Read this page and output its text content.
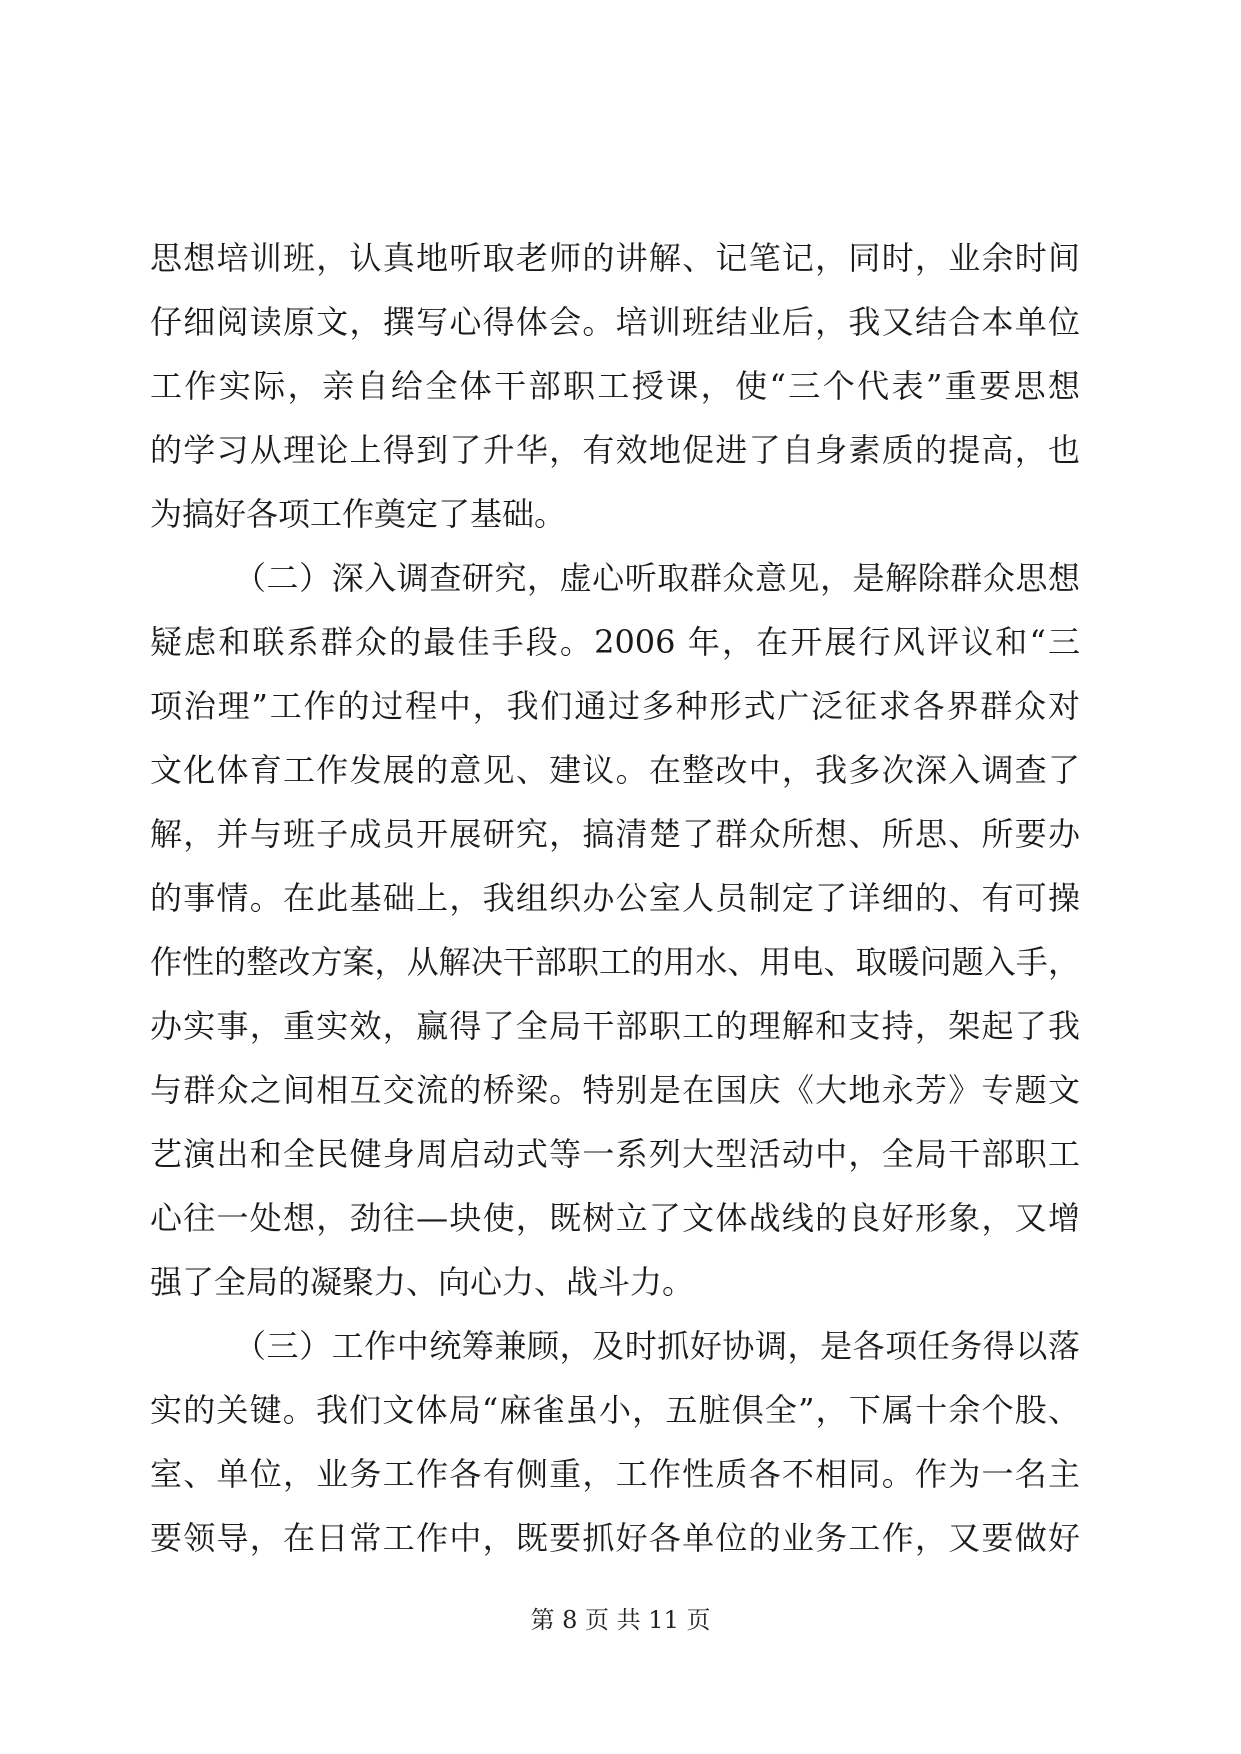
思想培训班，认真地听取老师的讲解、记笔记，同时，业余时间
仔细阅读原文，撰写心得体会。培训班结业后，我又结合本单位
工作实际，亲自给全体干部职工授课，使“三个代表”重要思想
的学习从理论上得到了升华，有效地促进了自身素质的提高，也
为搞好各项工作奠定了基础。
（二）深入调查研究，虚心听取群众意见，是解除群众思想
疑虑和联系群众的最佳手段。2006 年，在开展行风评议和“三
项治理”工作的过程中，我们通过多种形式广泛征求各界群众对
文化体育工作发展的意见、建议。在整改中，我多次深入调查了
解，并与班子成员开展研究，搞清楚了群众所想、所思、所要办
的事情。在此基础上，我组织办公室人员制定了详细的、有可操
作性的整改方案，从解决干部职工的用水、用电、取暖问题入手，
办实事，重实效，赢得了全局干部职工的理解和支持，架起了我
与群众之间相互交流的桥梁。特别是在国庆《大地永芳》专题文
艺演出和全民健身周启动式等一系列大型活动中，全局干部职工
心往一处想，劲往—块使，既树立了文体战线的良好形象，又增
强了全局的凝聚力、向心力、战斗力。
（三）工作中统筹兼顾，及时抓好协调，是各项任务得以落
实的关键。我们文体局“麻雀虽小，五脏俱全”，下属十余个股、
室、单位，业务工作各有侧重，工作性质各不相同。作为一名主
要领导，在日常工作中，既要抓好各单位的业务工作，又要做好
第 8 页 共 11 页
